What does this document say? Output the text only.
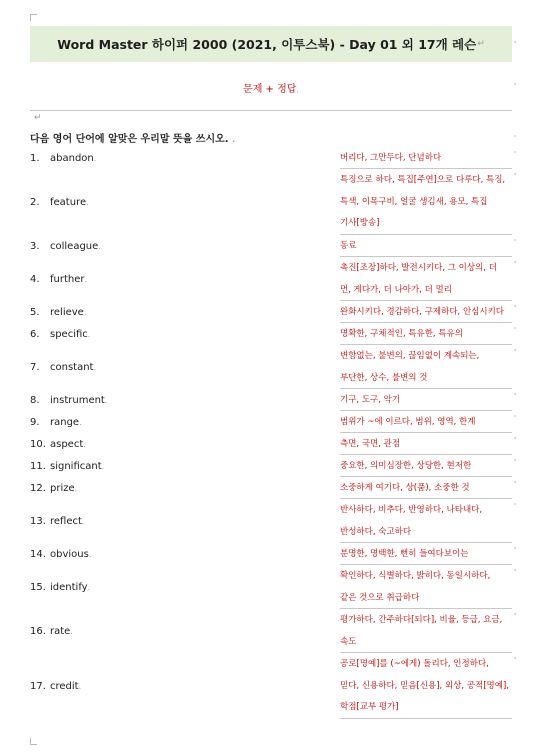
Word Master 하이퍼 2000 (2021, 이투스북) - Day 01 외 17개 레슨 ↵	'
문제 + 정답.	'
↵
다음 영어 단어에 알맞은 우리말 뜻을 쓰시오. .	'
1.	abandon .	버리다, 그만두다, 단념하다	'
2.	feature .
특징으로 하다, 특집[주연]으로 다루다, 특징,
특색, 이목구비, 얼굴 생김새, 용모, 특집
기사[방송]
'
3.	colleague .	동료	'
4.	further .
촉진[조장]하다, 발전시키다, 그 이상의, 더
먼, 게다가, 더 나아가, 더 멀리
'
5.	relieve .	완화시키다, 경감하다, 구제하다, 안심시키다	'
6.	specific .	명확한, 구체적인, 특유한, 특유의	'
7.	constant .
변함없는, 불변의, 끊임없이 계속되는,
부단한, 상수, 불변의 것
'
8.	instrument .	기구, 도구, 악기	'
9.	range .	범위가 ~에 이르다, 범위, 영역, 한계	'
10. aspect .	측면, 국면, 관점	'
11. significant .	중요한, 의미심장한, 상당한, 현저한	'
12. prize .	소중하게 여기다, 상(품), 소중한 것	'
13. reflect .
반사하다, 비추다, 반영하다, 나타내다,
반성하다, 숙고하다
'
14. obvious .	분명한, 명백한, 뻔히 들여다보이는	'
15. identify .
확인하다, 식별하다, 밝히다, 동일시하다,
같은 것으로 취급하다
'
16. rate .
평가하다, 간주하다[되다], 비율, 등급, 요금,
속도
'
17. credit .
공로[명예]를 (~에게) 돌리다, 인정하다,
믿다, 신용하다, 믿음[신용], 외상, 공적[명예],
학점[교부 평가]
'
